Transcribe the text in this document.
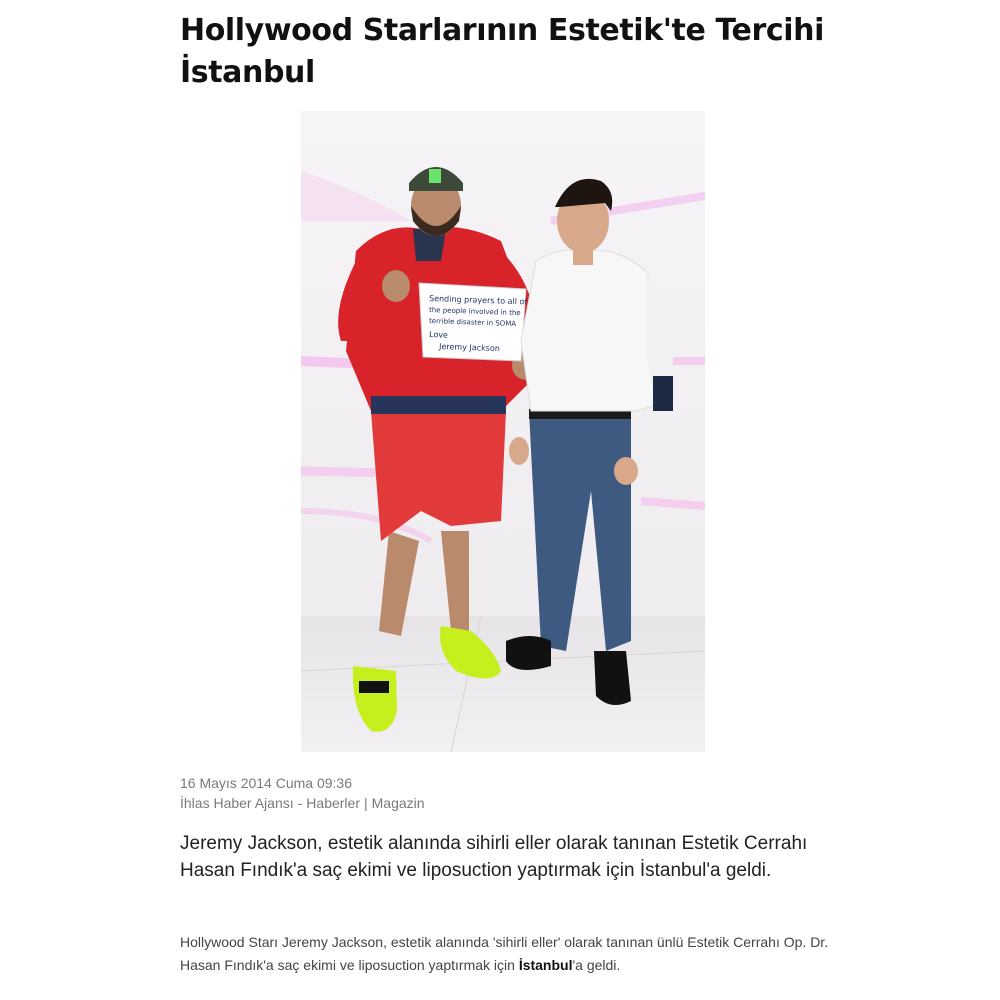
Hollywood Starlarının Estetik'te Tercihi İstanbul
Sending prayers to all of
the people involved in the
terrible disaster in SOMA
Love
Jeremy Jackson
16 Mayıs 2014 Cuma 09:36
İhlas Haber Ajansı - Haberler | Magazin
Jeremy Jackson, estetik alanında sihirli eller olarak tanınan Estetik Cerrahı Hasan Fındık'a saç ekimi ve liposuction yaptırmak için İstanbul'a geldi.
Hollywood Starı Jeremy Jackson, estetik alanında 'sihirli eller' olarak tanınan ünlü Estetik Cerrahı Op. Dr. Hasan Fındık'a saç ekimi ve liposuction yaptırmak için İstanbul'a geldi.
